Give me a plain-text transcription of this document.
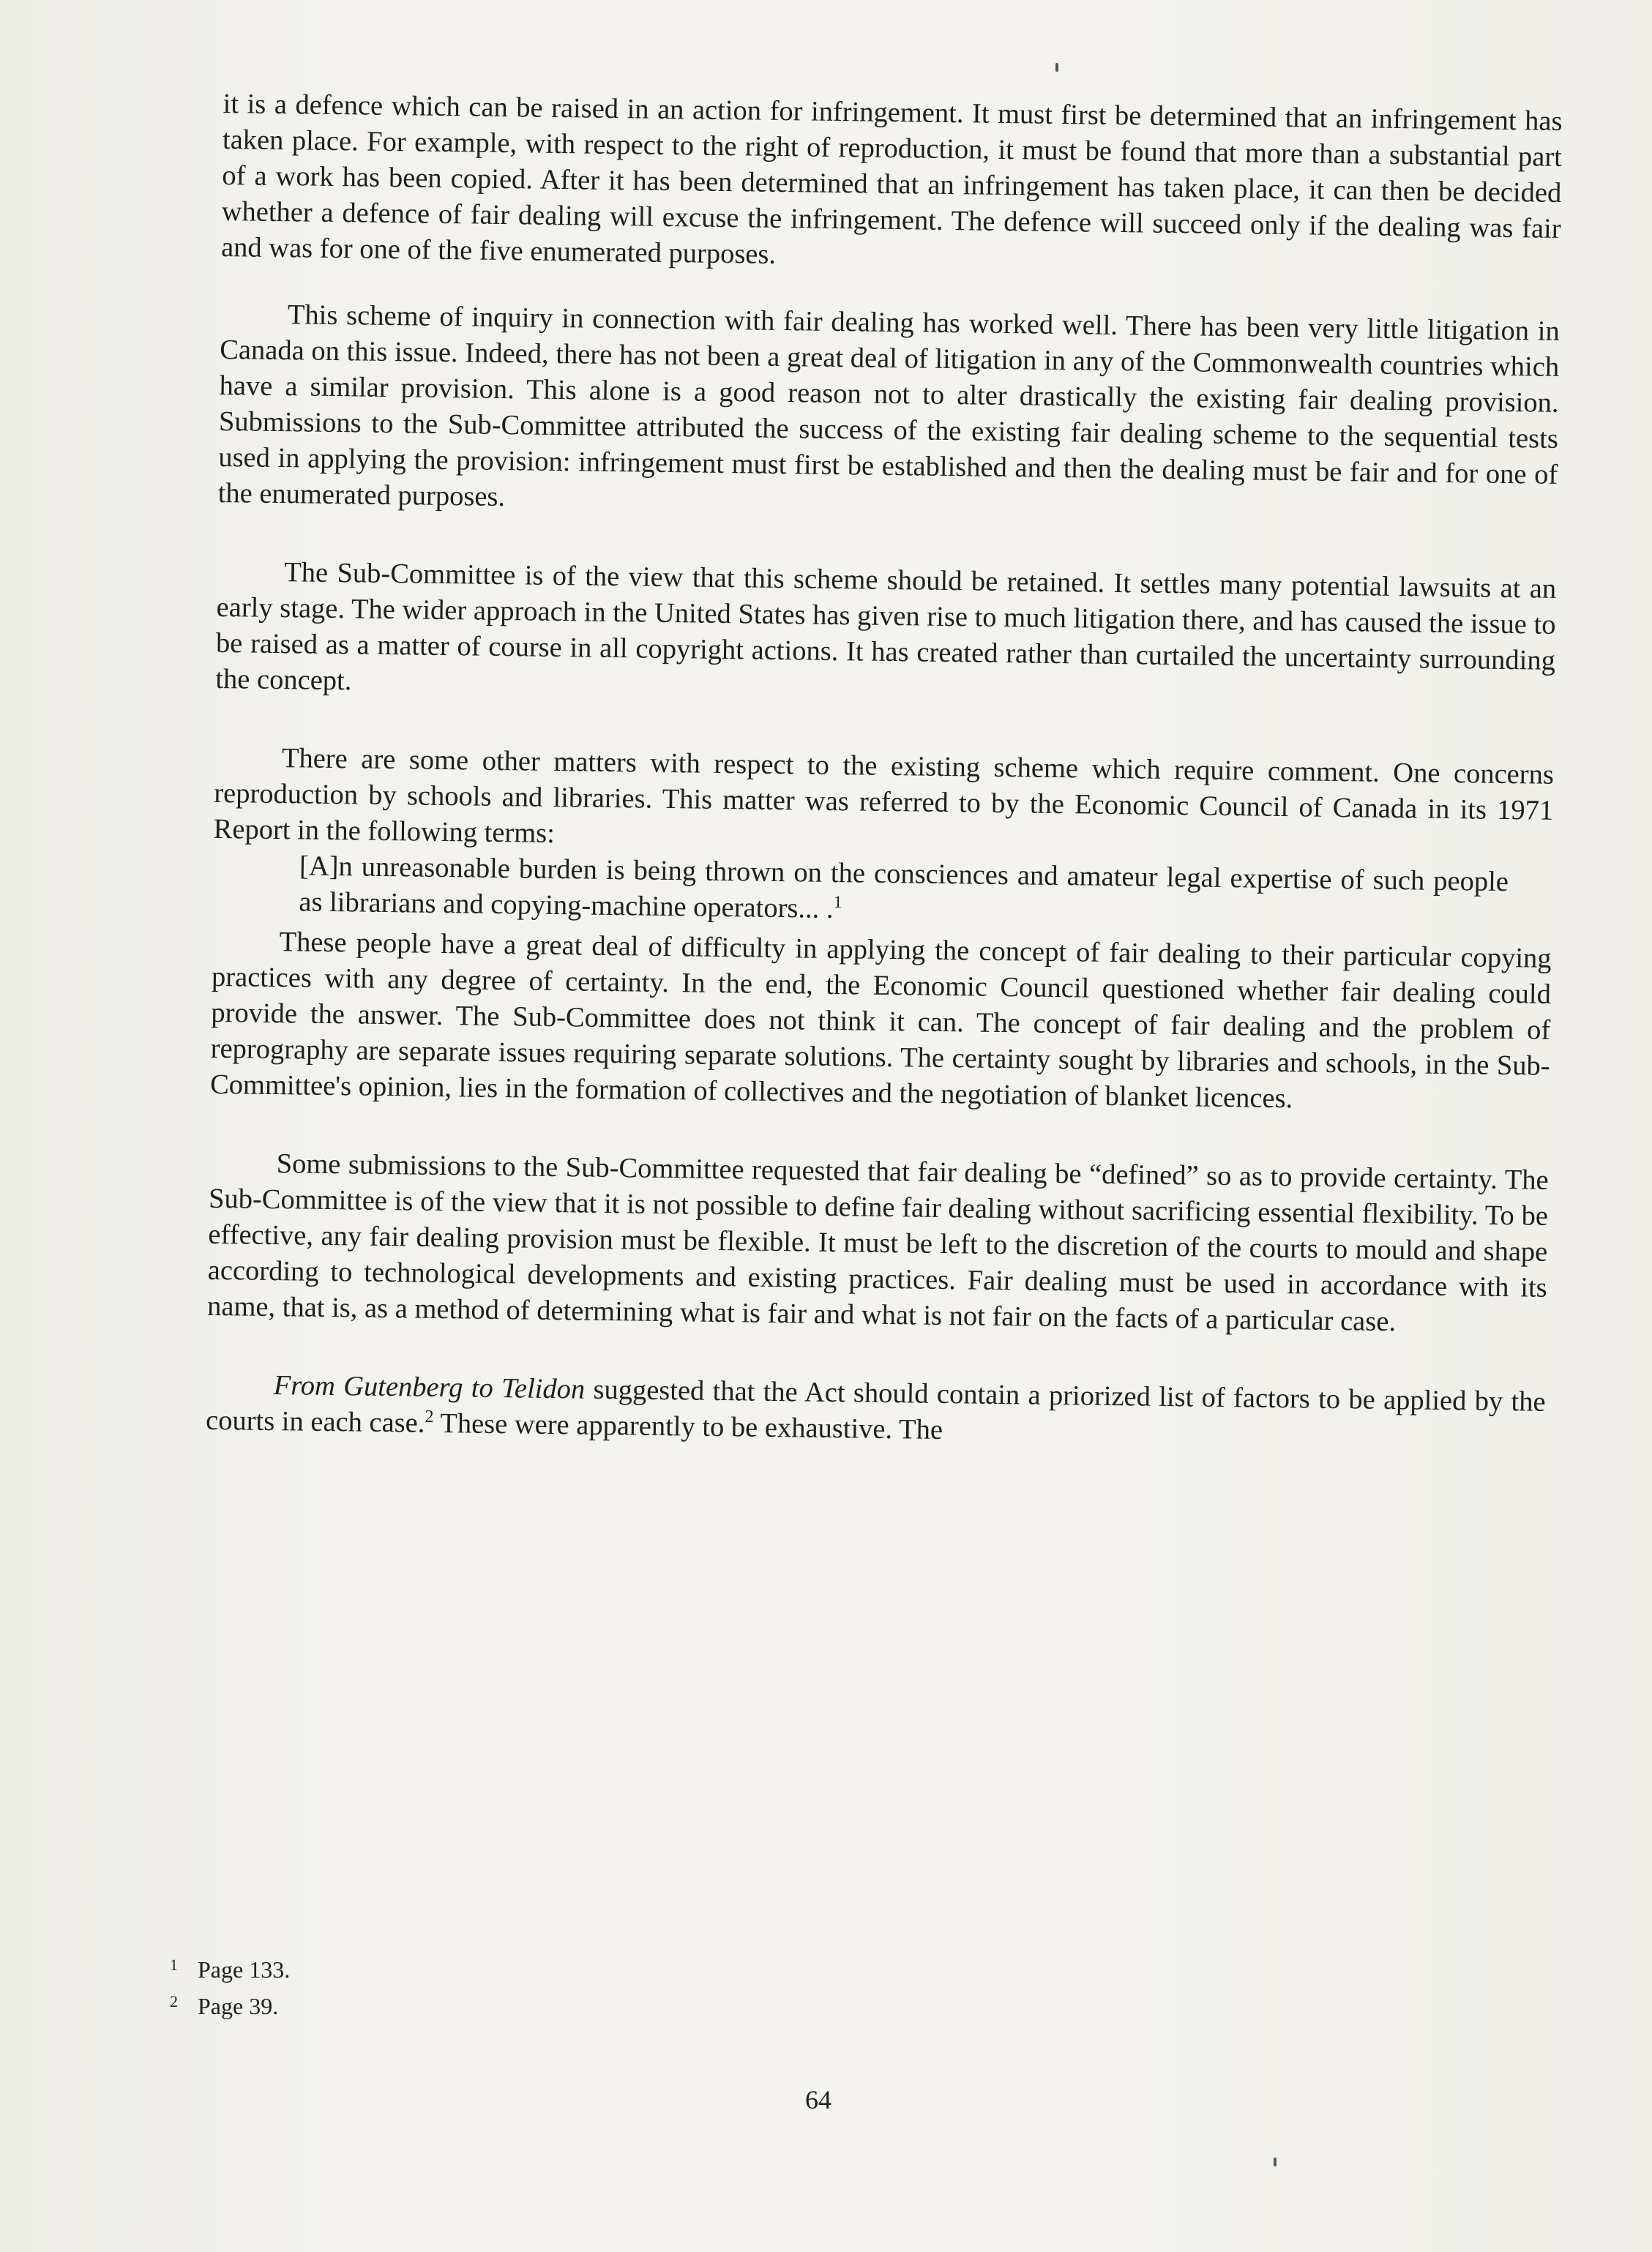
it is a defence which can be raised in an action for infringement. It must first be determined that an infringement has taken place. For example, with respect to the right of reproduction, it must be found that more than a substantial part of a work has been copied. After it has been determined that an infringement has taken place, it can then be decided whether a defence of fair dealing will excuse the infringement. The defence will succeed only if the dealing was fair and was for one of the five enumerated purposes.

This scheme of inquiry in connection with fair dealing has worked well. There has been very little litigation in Canada on this issue. Indeed, there has not been a great deal of litigation in any of the Commonwealth countries which have a similar provision. This alone is a good reason not to alter drastically the existing fair dealing provision. Submissions to the Sub-Committee attributed the success of the existing fair dealing scheme to the sequential tests used in applying the provision: infringement must first be established and then the dealing must be fair and for one of the enumerated purposes.

The Sub-Committee is of the view that this scheme should be retained. It settles many potential lawsuits at an early stage. The wider approach in the United States has given rise to much litigation there, and has caused the issue to be raised as a matter of course in all copyright actions. It has created rather than curtailed the uncertainty surrounding the concept.

There are some other matters with respect to the existing scheme which require comment. One concerns reproduction by schools and libraries. This matter was referred to by the Economic Council of Canada in its 1971 Report in the following terms:

[A]n unreasonable burden is being thrown on the consciences and amateur legal expertise of such people as librarians and copying-machine operators... .$^1$

These people have a great deal of difficulty in applying the concept of fair dealing to their particular copying practices with any degree of certainty. In the end, the Economic Council questioned whether fair dealing could provide the answer. The Sub-Committee does not think it can. The concept of fair dealing and the problem of reprography are separate issues requiring separate solutions. The certainty sought by libraries and schools, in the Sub-Committee's opinion, lies in the formation of collectives and the negotiation of blanket licences.

Some submissions to the Sub-Committee requested that fair dealing be “defined” so as to provide certainty. The Sub-Committee is of the view that it is not possible to define fair dealing without sacrificing essential flexibility. To be effective, any fair dealing provision must be flexible. It must be left to the discretion of the courts to mould and shape according to technological developments and existing practices. Fair dealing must be used in accordance with its name, that is, as a method of determining what is fair and what is not fair on the facts of a particular case.

From Gutenberg to Telidon suggested that the Act should contain a priorized list of factors to be applied by the courts in each case.$^2$ These were apparently to be exhaustive. The

1 Page 133.
2 Page 39.
64
